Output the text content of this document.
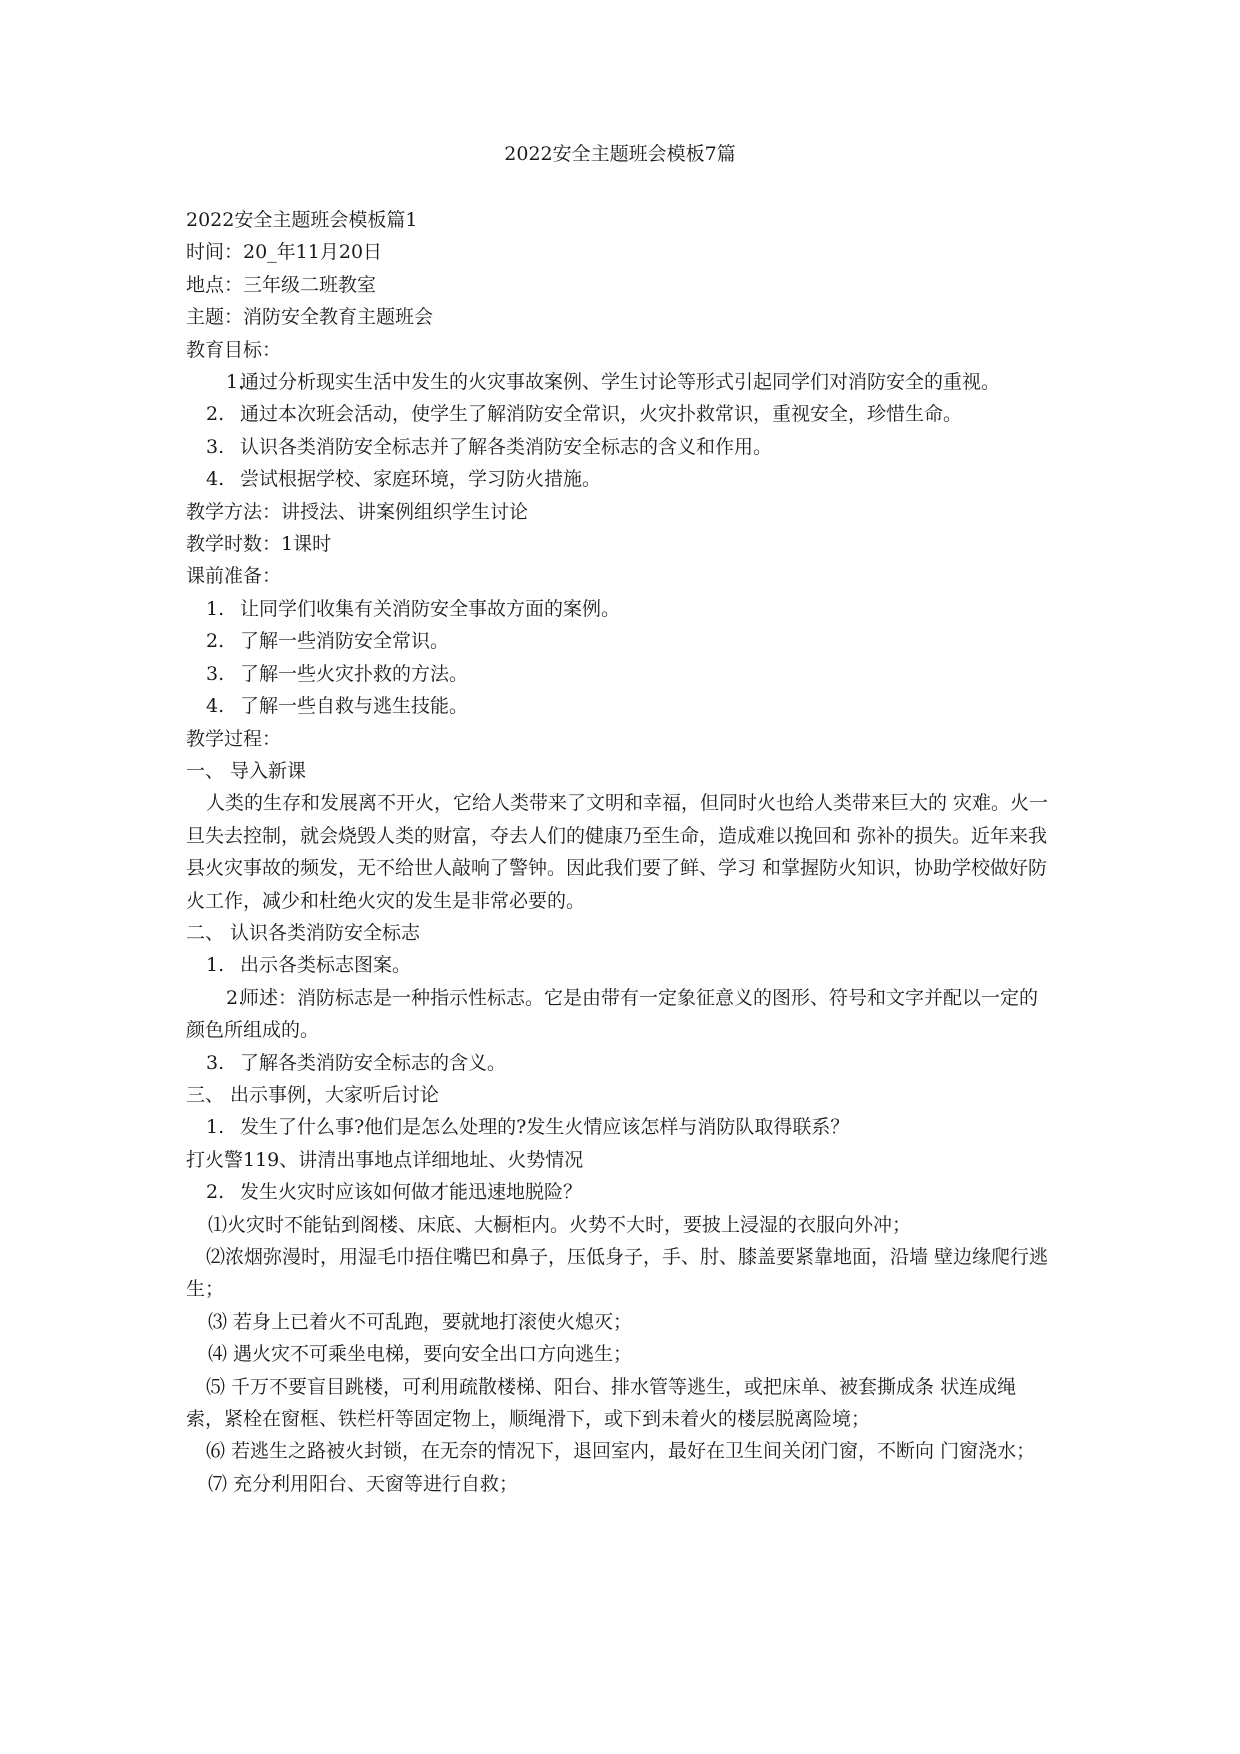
2022安全主题班会模板7篇

2022安全主题班会模板篇1

时间：20_年11月20日

地点：三年级二班教室

主题：消防安全教育主题班会

教育目标：

1.通过分析现实生活中发生的火灾事故案例、学生讨论等形式引起同学们对消防安全的重视。

2. 通过本次班会活动，使学生了解消防安全常识，火灾扑救常识，重视安全，珍惜生命。

3. 认识各类消防安全标志并了解各类消防安全标志的含义和作用。

4. 尝试根据学校、家庭环境，学习防火措施。

教学方法：讲授法、讲案例组织学生讨论

教学时数：1课时

课前准备：

1. 让同学们收集有关消防安全事故方面的案例。

2. 了解一些消防安全常识。

3. 了解一些火灾扑救的方法。

4. 了解一些自救与逃生技能。

教学过程：

一、 导入新课

人类的生存和发展离不开火，它给人类带来了文明和幸福，但同时火也给人类带来巨大的 灾难。火一旦失去控制，就会烧毁人类的财富，夺去人们的健康乃至生命，造成难以挽回和 弥补的损失。近年来我县火灾事故的频发，无不给世人敲响了警钟。因此我们要了鲜、学习 和掌握防火知识，协助学校做好防火工作，减少和杜绝火灾的发生是非常必要的。

二、 认识各类消防安全标志

1. 出示各类标志图案。

2.师述：消防标志是一种指示性标志。它是由带有一定象征意义的图形、符号和文字并配以一定的颜色所组成的。

3. 了解各类消防安全标志的含义。

三、 出示事例，大家听后讨论

1. 发生了什么事?他们是怎么处理的?发生火情应该怎样与消防队取得联系？

打火警119、讲清出事地点详细地址、火势情况

2. 发生火灾时应该如何做才能迅速地脱险？

⑴火灾时不能钻到阁楼、床底、大橱柜内。火势不大时，要披上浸湿的衣服向外冲；

⑵浓烟弥漫时，用湿毛巾捂住嘴巴和鼻子，压低身子，手、肘、膝盖要紧靠地面，沿墙 壁边缘爬行逃生；

⑶ 若身上已着火不可乱跑，要就地打滚使火熄灭；

⑷ 遇火灾不可乘坐电梯，要向安全出口方向逃生；

⑸ 千万不要盲目跳楼，可利用疏散楼梯、阳台、排水管等逃生，或把床单、被套撕成条 状连成绳索，紧栓在窗框、铁栏杆等固定物上，顺绳滑下，或下到未着火的楼层脱离险境；

⑹ 若逃生之路被火封锁，在无奈的情况下，退回室内，最好在卫生间关闭门窗，不断向 门窗浇水；

⑺ 充分利用阳台、天窗等进行自救；
